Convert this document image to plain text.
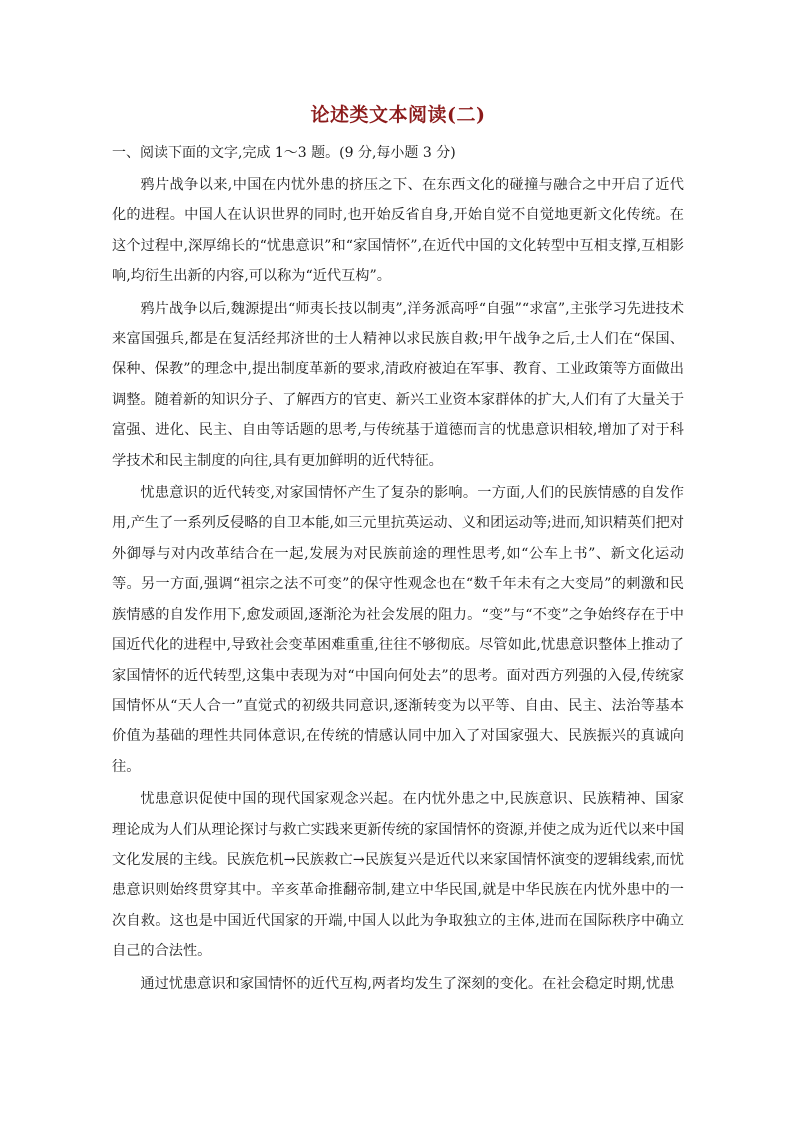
论述类文本阅读(二)
一、阅读下面的文字,完成 1～3 题。(9 分,每小题 3 分)

鸦片战争以来,中国在内忧外患的挤压之下、在东西文化的碰撞与融合之中开启了近代化的进程。中国人在认识世界的同时,也开始反省自身,开始自觉不自觉地更新文化传统。在这个过程中,深厚绵长的“忧患意识”和“家国情怀”,在近代中国的文化转型中互相支撑,互相影响,均衍生出新的内容,可以称为“近代互构”。

鸦片战争以后,魏源提出“师夷长技以制夷”,洋务派高呼“自强”“求富”,主张学习先进技术来富国强兵,都是在复活经邦济世的士人精神以求民族自救;甲午战争之后,士人们在“保国、保种、保教”的理念中,提出制度革新的要求,清政府被迫在军事、教育、工业政策等方面做出调整。随着新的知识分子、了解西方的官吏、新兴工业资本家群体的扩大,人们有了大量关于富强、进化、民主、自由等话题的思考,与传统基于道德而言的忧患意识相较,增加了对于科学技术和民主制度的向往,具有更加鲜明的近代特征。

忧患意识的近代转变,对家国情怀产生了复杂的影响。一方面,人们的民族情感的自发作用,产生了一系列反侵略的自卫本能,如三元里抗英运动、义和团运动等;进而,知识精英们把对外御辱与对内改革结合在一起,发展为对民族前途的理性思考,如“公车上书”、新文化运动等。另一方面,强调“祖宗之法不可变”的保守性观念也在“数千年未有之大变局”的刺激和民族情感的自发作用下,愈发顽固,逐渐沦为社会发展的阻力。“变”与“不变”之争始终存在于中国近代化的进程中,导致社会变革困难重重,往往不够彻底。尽管如此,忧患意识整体上推动了家国情怀的近代转型,这集中表现为对“中国向何处去”的思考。面对西方列强的入侵,传统家国情怀从“天人合一”直觉式的初级共同意识,逐渐转变为以平等、自由、民主、法治等基本价值为基础的理性共同体意识,在传统的情感认同中加入了对国家强大、民族振兴的真诚向往。

忧患意识促使中国的现代国家观念兴起。在内忧外患之中,民族意识、民族精神、国家理论成为人们从理论探讨与救亡实践来更新传统的家国情怀的资源,并使之成为近代以来中国文化发展的主线。民族危机→民族救亡→民族复兴是近代以来家国情怀演变的逻辑线索,而忧患意识则始终贯穿其中。辛亥革命推翻帝制,建立中华民国,就是中华民族在内忧外患中的一次自救。这也是中国近代国家的开端,中国人以此为争取独立的主体,进而在国际秩序中确立自己的合法性。

通过忧患意识和家国情怀的近代互构,两者均发生了深刻的变化。在社会稳定时期,忧患
